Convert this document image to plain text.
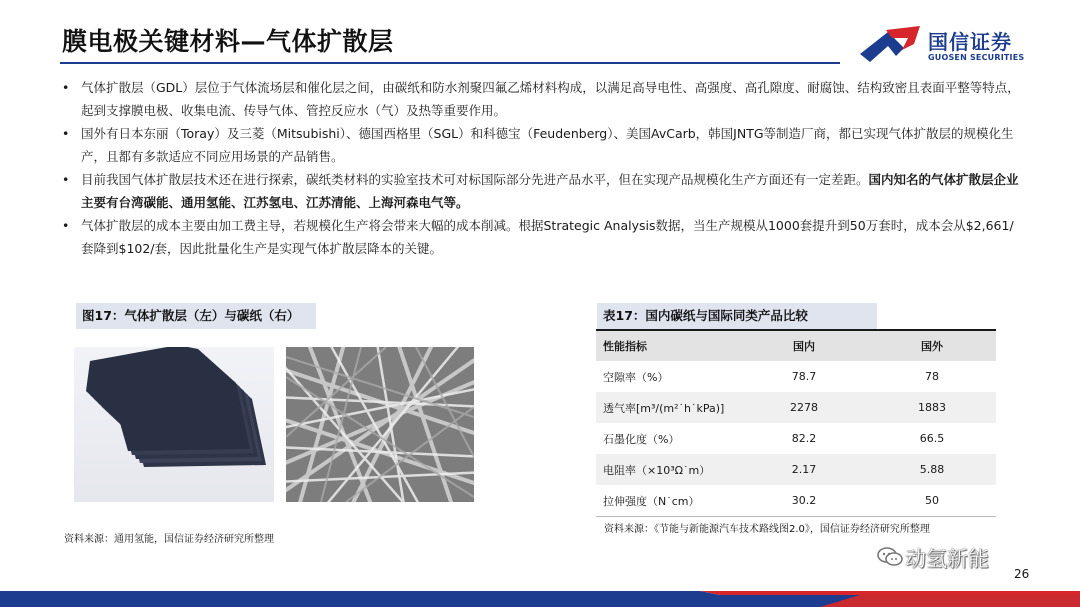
膜电极关键材料—气体扩散层	国信证券
GUOSEN SECURITIES
• 气体扩散层（GDL）层位于气体流场层和催化层之间，由碳纸和防水剂聚四氟乙烯材料构成，以满足高导电性、高强度、高孔隙度、耐腐蚀、结构致密且表面平整等特点，起到支撑膜电极、收集电流、传导气体、管控反应水（气）及热等重要作用。
• 国外有日本东丽（Toray）及三菱（Mitsubishi）、德国西格里（SGL）和科德宝（Feudenberg）、美国AvCarb，韩国JNTG等制造厂商，都已实现气体扩散层的规模化生产，且都有多款适应不同应用场景的产品销售。
• 目前我国气体扩散层技术还在进行探索，碳纸类材料的实验室技术可对标国际部分先进产品水平，但在实现产品规模化生产方面还有一定差距。国内知名的气体扩散层企业主要有台湾碳能、通用氢能、江苏氢电、江苏清能、上海河森电气等。
• 气体扩散层的成本主要由加工费主导，若规模化生产将会带来大幅的成本削减。根据Strategic Analysis数据，当生产规模从1000套提升到50万套时，成本会从$2,661/套降到$102/套，因此批量化生产是实现气体扩散层降本的关键。
图17：气体扩散层（左）与碳纸（右）
资料来源：通用氢能，国信证券经济研究所整理
表17：国内碳纸与国际同类产品比较
性能指标	国内	国外
空隙率（%）	78.7	78
透气率[m³/(m²˙h˙kPa)]	2278	1883
石墨化度（%）	82.2	66.5
电阻率（×10³Ω˙m）	2.17	5.88
拉伸强度（N˙cm）	30.2	50
资料来源：《节能与新能源汽车技术路线图2.0》，国信证券经济研究所整理
动氢新能
26
